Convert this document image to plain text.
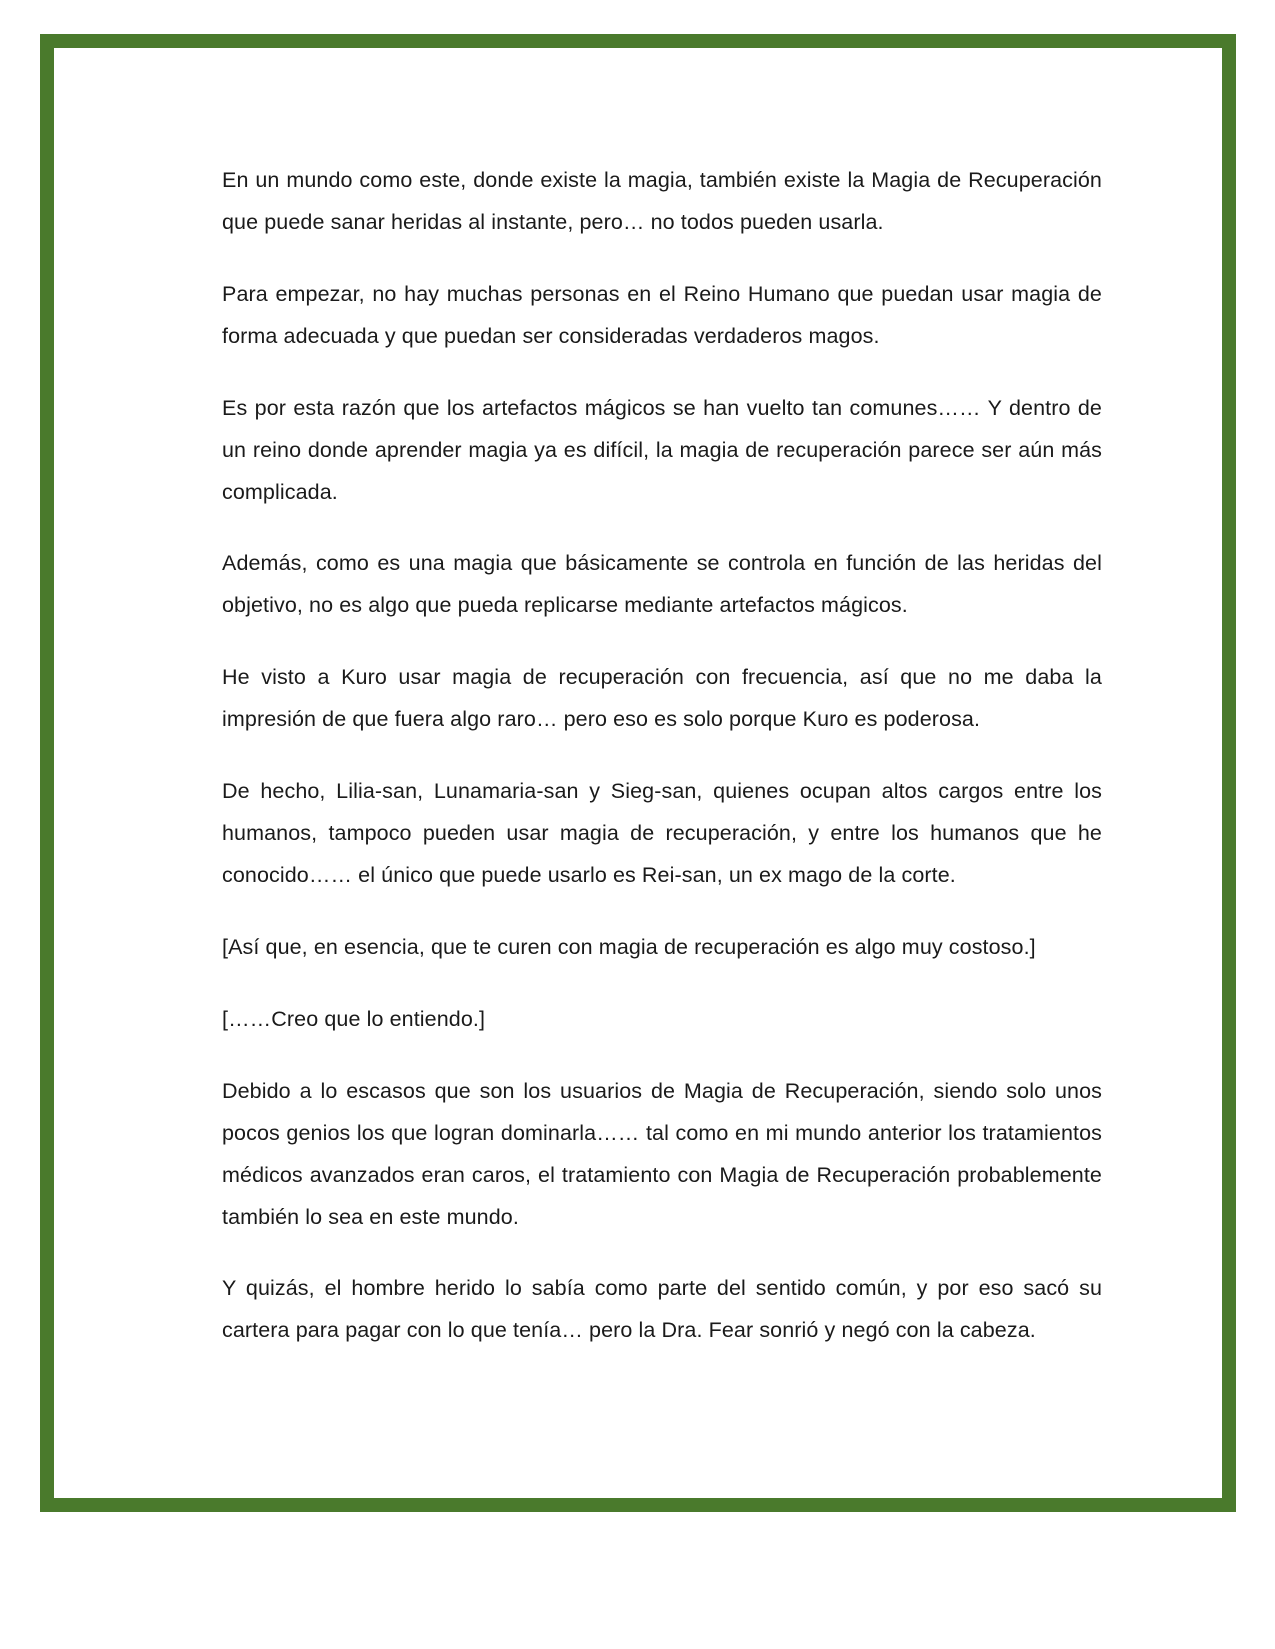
En un mundo como este, donde existe la magia, también existe la Magia de Recuperación que puede sanar heridas al instante, pero… no todos pueden usarla.

Para empezar, no hay muchas personas en el Reino Humano que puedan usar magia de forma adecuada y que puedan ser consideradas verdaderos magos.

Es por esta razón que los artefactos mágicos se han vuelto tan comunes…… Y dentro de un reino donde aprender magia ya es difícil, la magia de recuperación parece ser aún más complicada.

Además, como es una magia que básicamente se controla en función de las heridas del objetivo, no es algo que pueda replicarse mediante artefactos mágicos.

He visto a Kuro usar magia de recuperación con frecuencia, así que no me daba la impresión de que fuera algo raro… pero eso es solo porque Kuro es poderosa.

De hecho, Lilia-san, Lunamaria-san y Sieg-san, quienes ocupan altos cargos entre los humanos, tampoco pueden usar magia de recuperación, y entre los humanos que he conocido…… el único que puede usarlo es Rei-san, un ex mago de la corte.

[Así que, en esencia, que te curen con magia de recuperación es algo muy costoso.]

[……Creo que lo entiendo.]

Debido a lo escasos que son los usuarios de Magia de Recuperación, siendo solo unos pocos genios los que logran dominarla…… tal como en mi mundo anterior los tratamientos médicos avanzados eran caros, el tratamiento con Magia de Recuperación probablemente también lo sea en este mundo.

Y quizás, el hombre herido lo sabía como parte del sentido común, y por eso sacó su cartera para pagar con lo que tenía… pero la Dra. Fear sonrió y negó con la cabeza.
